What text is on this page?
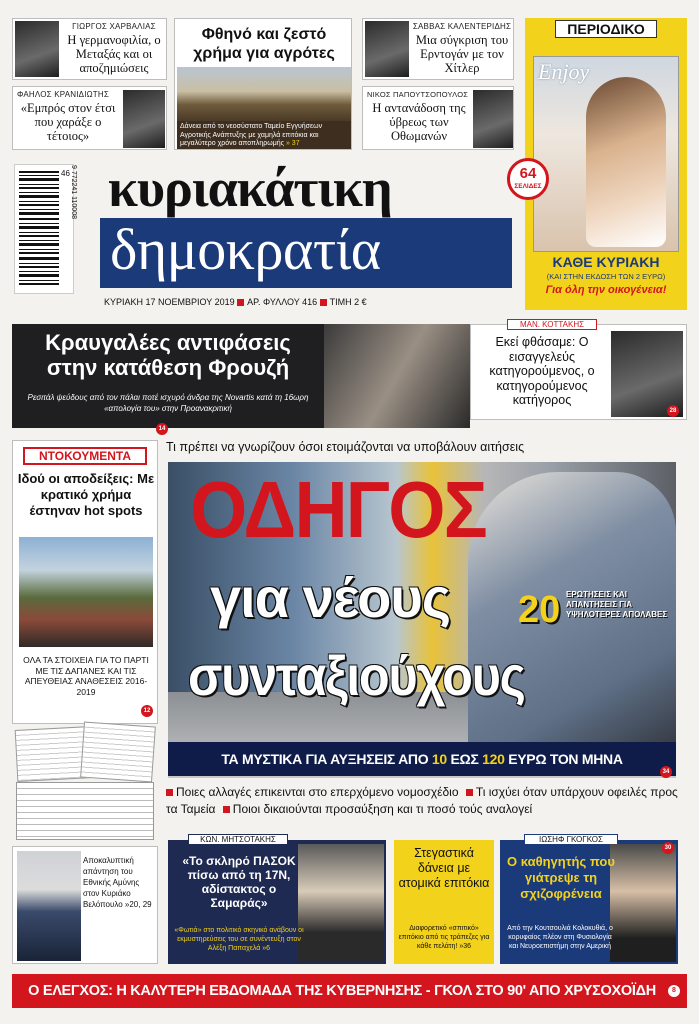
ΓΙΩΡΓΟΣ ΧΑΡΒΑΛΙΑΣ
Η γερμανοφιλία, ο Μεταξάς και οι αποζημιώσεις
ΦΑΗΛΟΣ ΚΡΑΝΙΔΙΩΤΗΣ
«Εμπρός στον έτσι που χαράξε ο τέτοιος»
Φθηνό και ζεστό χρήμα για αγρότες
Δάνεια από το νεοσύστατο Ταμείο Εγγυήσεων Αγροτικής Ανάπτυξης με χαμηλά επιτόκια και μεγαλύτερο χρόνο αποπληρωμής » 37
ΣΑΒΒΑΣ ΚΑΛΕΝΤΕΡΙΔΗΣ
Μια σύγκριση του Ερντογάν με τον Χίτλερ
ΝΙΚΟΣ ΠΑΠΟΥΤΣΟΠΟΥΛΟΣ
Η αντανάδοση της ύβρεως των Οθωμανών
ΠΕΡΙΟΔΙΚΟ
Enjoy
64
ΣΕΛΙΔΕΣ
ΚΑΘΕ ΚΥΡΙΑΚΗ
(ΚΑΙ ΣΤΗΝ ΕΚΔΟΣΗ ΤΩΝ 2 ΕΥΡΩ)
Για όλη την οικογένεια!
9 772241 110008
46 κυριακάτικη
δημοκρατία
ΚΥΡΙΑΚΗ 17 ΝΟΕΜΒΡΙΟΥ 2019 ΑΡ. ΦΥΛΛΟΥ 416 ΤΙΜΗ 2 €
Κραυγαλέες αντιφάσεις στην κατάθεση Φρουζή
Ρεσιτάλ ψεύδους από τον πάλαι ποτέ ισχυρό άνδρα της Novartis κατά τη 16ωρη «απολογία του» στην Προανακριτική
14
ΜΑΝ. ΚΟΤΤΑΚΗΣ
Εκεί φθάσαμε: Ο εισαγγελεύς κατηγορούμενος, ο κατηγορούμενος κατήγορος
28
ΝΤΟΚΟΥΜΕΝΤΑ
Ιδού οι αποδείξεις: Με κρατικό χρήμα έστηναν hot spots
ΟΛΑ ΤΑ ΣΤΟΙΧΕΙΑ ΓΙΑ ΤΟ ΠΑΡΤΙ ΜΕ ΤΙΣ ΔΑΠΑΝΕΣ ΚΑΙ ΤΙΣ ΑΠΕΥΘΕΙΑΣ ΑΝΑΘΕΣΕΙΣ 2016-2019
12
Αποκαλυπτική απάντηση του Εθνικής Αμύνης στον Κυριάκο Βελόπουλο »20, 29
Τι πρέπει να γνωρίζουν όσοι ετοιμάζονται να υποβάλουν αιτήσεις
ΟΔΗΓΟΣ
για νέους
συνταξιούχους
20 ΕΡΩΤΗΣΕΙΣ ΚΑΙ ΑΠΑΝΤΗΣΕΙΣ ΓΙΑ ΥΨΗΛΟΤΕΡΕΣ ΑΠΟΛΑΒΕΣ
ΤΑ ΜΥΣΤΙΚΑ ΓΙΑ ΑΥΞΗΣΕΙΣ ΑΠΟ 10 ΕΩΣ 120 ΕΥΡΩ ΤΟΝ ΜΗΝΑ
34
Ποιες αλλαγές επικεινται στο επερχόμενο νομοσχέδιο Τι ισχύει όταν υπάρχουν οφειλές προς τα Ταμεία Ποιοι δικαιούνται προσαύξηση και τι ποσό τούς αναλογεί
ΚΩΝ. ΜΗΤΣΟΤΑΚΗΣ
«Το σκληρό ΠΑΣΟΚ πίσω από τη 17Ν, αδίστακτος ο Σαμαράς»
«Φωτιά» στο πολιτικό σκηνικό ανάβουν οι εκμυστηρεύσεις του σε συνέντευξη στον Αλέξη Παπαχελά »6
Στεγαστικά δάνεια με ατομικά επιτόκια
Διαφορετικό «σπιτικό» επιτόκιο από τις τράπεζες για κάθε πελάτη! »36
ΙΩΣΗΦ ΓΚΟΓΚΟΣ
Ο καθηγητής που γιάτρεψε τη σχιζοφρένεια
Από την Κουτσουλιά Κολοκυθιά, ο κορυφαίος πλέον στη Φυσιολογία και Νευροεπιστήμη στην Αμερική
30
Ο ΕΛΕΓΧΟΣ: Η ΚΑΛΥΤΕΡΗ ΕΒΔΟΜΑΔΑ ΤΗΣ ΚΥΒΕΡΝΗΣΗΣ - ΓΚΟΛ ΣΤΟ 90' ΑΠΟ ΧΡΥΣΟΧΟΪΔΗ	8
